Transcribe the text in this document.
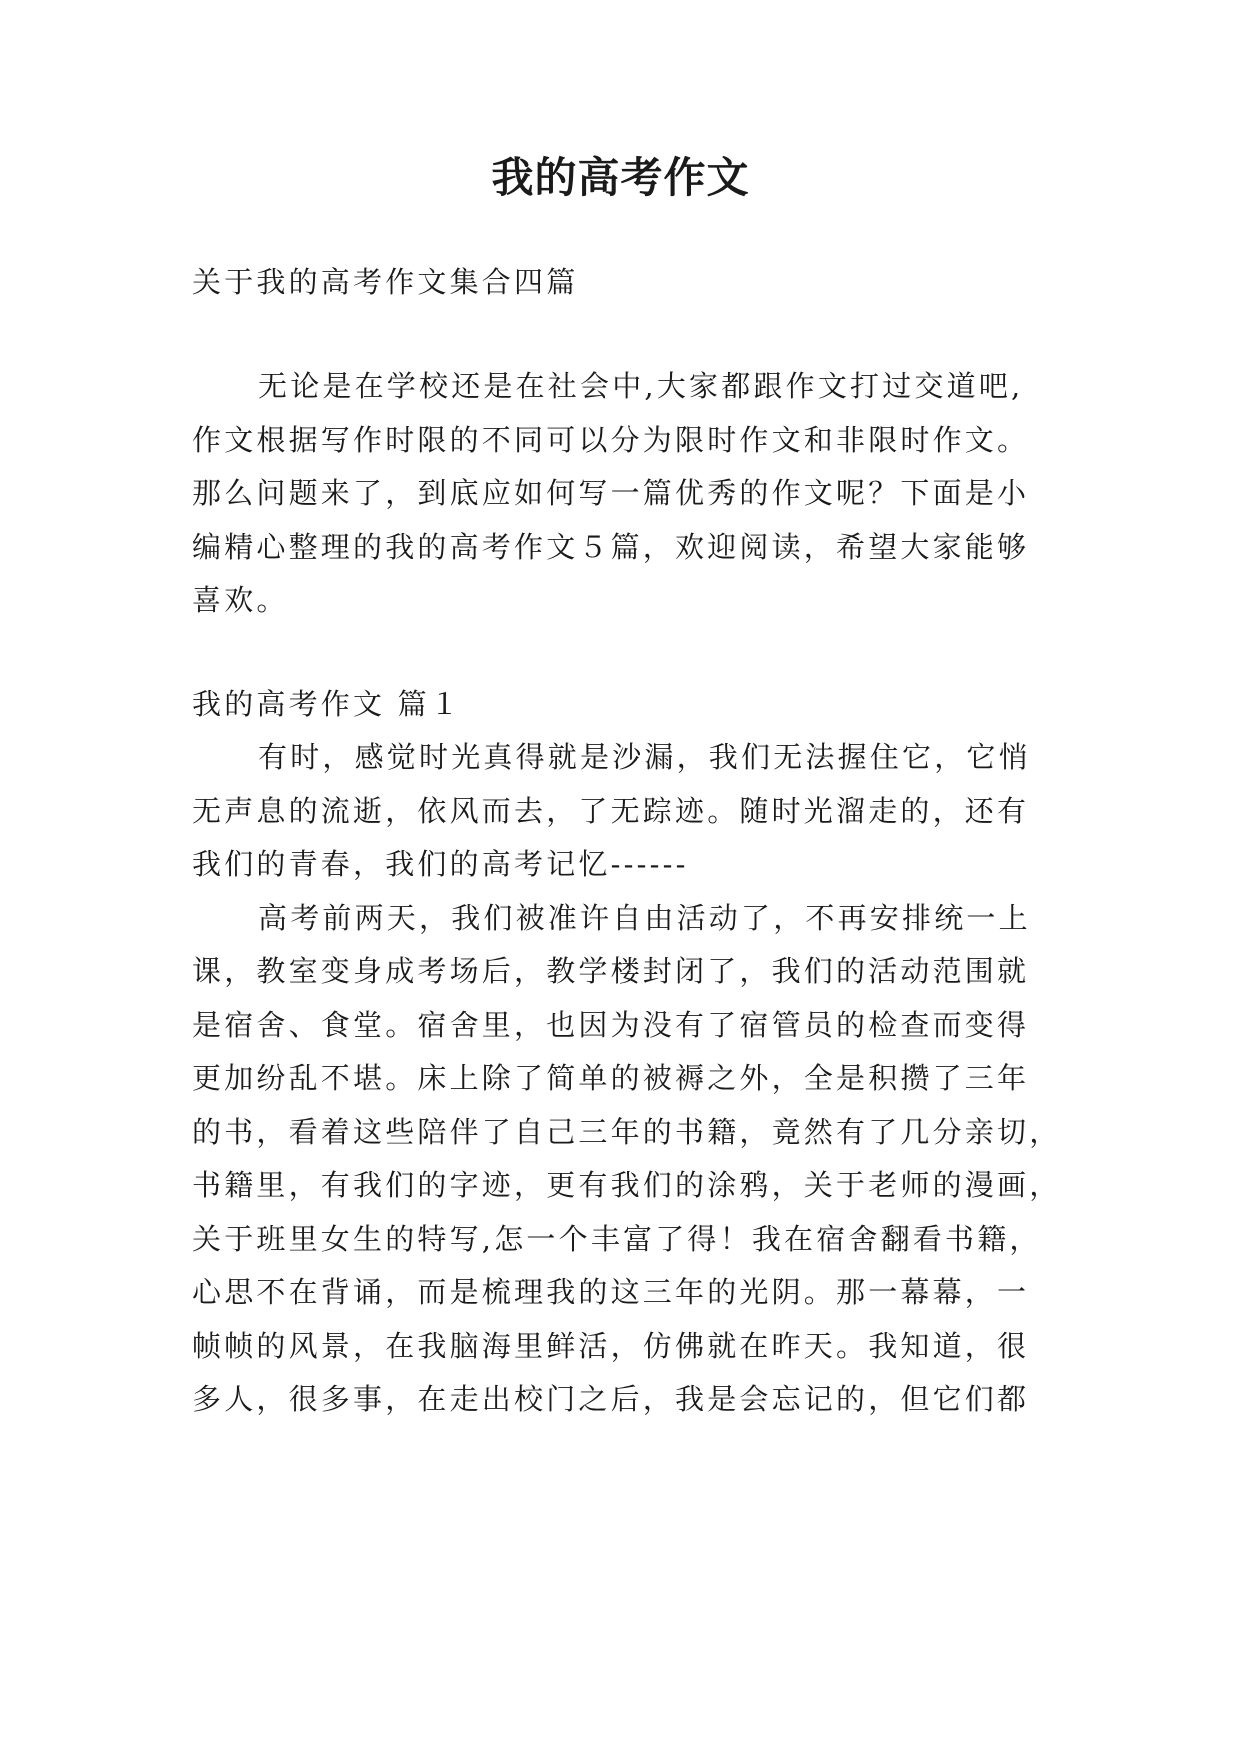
我的高考作文

关于我的高考作文集合四篇

无论是在学校还是在社会中,大家都跟作文打过交道吧,

作文根据写作时限的不同可以分为限时作文和非限时作文。

那么问题来了，到底应如何写一篇优秀的作文呢？下面是小

编精心整理的我的高考作文５篇，欢迎阅读，希望大家能够

喜欢。

我的高考作文 篇１

有时，感觉时光真得就是沙漏，我们无法握住它，它悄

无声息的流逝，依风而去，了无踪迹。随时光溜走的，还有

我们的青春，我们的高考记忆------

高考前两天，我们被准许自由活动了，不再安排统一上

课，教室变身成考场后，教学楼封闭了，我们的活动范围就

是宿舍、食堂。宿舍里，也因为没有了宿管员的检查而变得

更加纷乱不堪。床上除了简单的被褥之外，全是积攒了三年

的书，看着这些陪伴了自己三年的书籍，竟然有了几分亲切，

书籍里，有我们的字迹，更有我们的涂鸦，关于老师的漫画，

关于班里女生的特写,怎一个丰富了得！我在宿舍翻看书籍，

心思不在背诵，而是梳理我的这三年的光阴。那一幕幕，一

帧帧的风景，在我脑海里鲜活，仿佛就在昨天。我知道，很

多人，很多事，在走出校门之后，我是会忘记的，但它们都
